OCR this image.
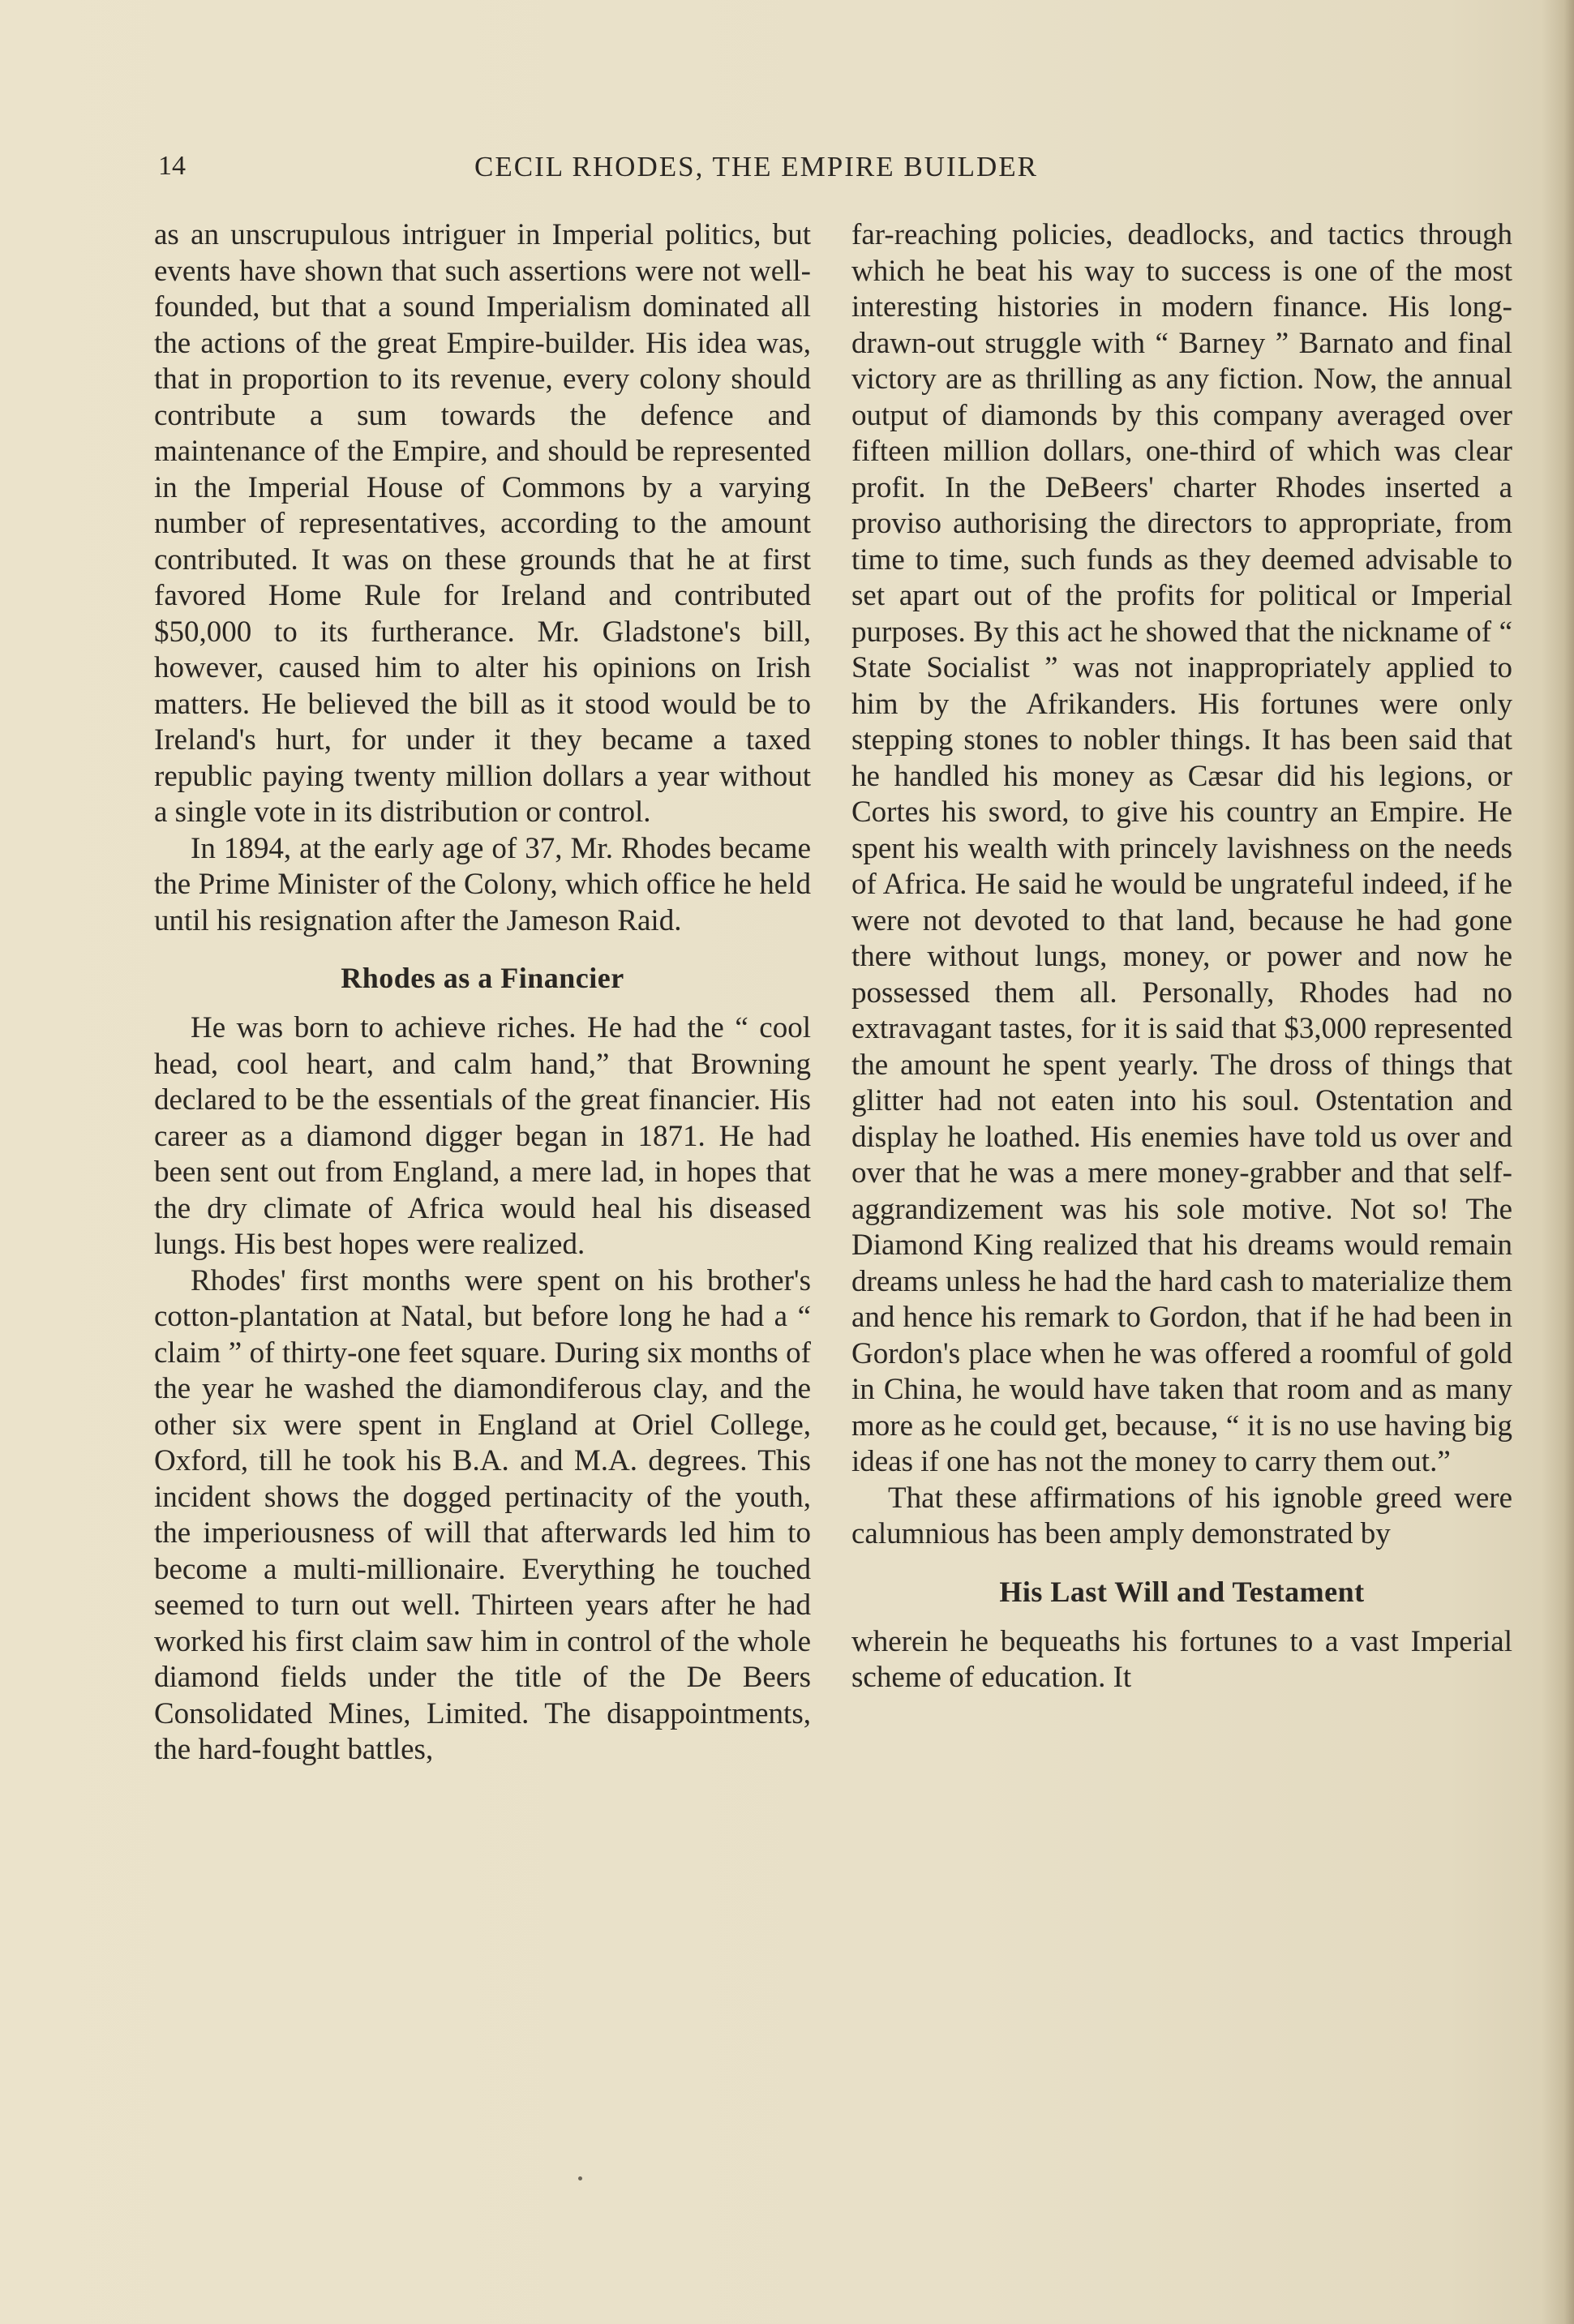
14	CECIL RHODES, THE EMPIRE BUILDER

as an unscrupulous intriguer in Imperial politics, but events have shown that such assertions were not well-founded, but that a sound Imperialism dominated all the actions of the great Empire-builder. His idea was, that in proportion to its revenue, every colony should contribute a sum towards the defence and maintenance of the Empire, and should be represented in the Imperial House of Commons by a varying number of representatives, according to the amount contributed. It was on these grounds that he at first favored Home Rule for Ireland and contributed $50,000 to its furtherance. Mr. Gladstone's bill, however, caused him to alter his opinions on Irish matters. He believed the bill as it stood would be to Ireland's hurt, for under it they became a taxed republic paying twenty million dollars a year without a single vote in its distribution or control.

In 1894, at the early age of 37, Mr. Rhodes became the Prime Minister of the Colony, which office he held until his resignation after the Jameson Raid.

Rhodes as a Financier

He was born to achieve riches. He had the “ cool head, cool heart, and calm hand,” that Browning declared to be the essentials of the great financier. His career as a diamond digger began in 1871. He had been sent out from England, a mere lad, in hopes that the dry climate of Africa would heal his diseased lungs. His best hopes were realized.

Rhodes' first months were spent on his brother's cotton-plantation at Natal, but before long he had a “ claim ” of thirty-one feet square. During six months of the year he washed the diamondiferous clay, and the other six were spent in England at Oriel College, Oxford, till he took his B.A. and M.A. degrees. This incident shows the dogged pertinacity of the youth, the imperiousness of will that afterwards led him to become a multi-millionaire. Everything he touched seemed to turn out well. Thirteen years after he had worked his first claim saw him in control of the whole diamond fields under the title of the De Beers Consolidated Mines, Limited. The disappointments, the hard-fought battles,

far-reaching policies, deadlocks, and tactics through which he beat his way to success is one of the most interesting histories in modern finance. His long-drawn-out struggle with “ Barney ” Barnato and final victory are as thrilling as any fiction. Now, the annual output of diamonds by this company averaged over fifteen million dollars, one-third of which was clear profit. In the DeBeers' charter Rhodes inserted a proviso authorising the directors to appropriate, from time to time, such funds as they deemed advisable to set apart out of the profits for political or Imperial purposes. By this act he showed that the nickname of “ State Socialist ” was not inappropriately applied to him by the Afrikanders. His fortunes were only stepping stones to nobler things. It has been said that he handled his money as Cæsar did his legions, or Cortes his sword, to give his country an Empire. He spent his wealth with princely lavishness on the needs of Africa. He said he would be ungrateful indeed, if he were not devoted to that land, because he had gone there without lungs, money, or power and now he possessed them all. Personally, Rhodes had no extravagant tastes, for it is said that $3,000 represented the amount he spent yearly. The dross of things that glitter had not eaten into his soul. Ostentation and display he loathed. His enemies have told us over and over that he was a mere money-grabber and that self-aggrandizement was his sole motive. Not so! The Diamond King realized that his dreams would remain dreams unless he had the hard cash to materialize them and hence his remark to Gordon, that if he had been in Gordon's place when he was offered a roomful of gold in China, he would have taken that room and as many more as he could get, because, “ it is no use having big ideas if one has not the money to carry them out.”

That these affirmations of his ignoble greed were calumnious has been amply demonstrated by

His Last Will and Testament

wherein he bequeaths his fortunes to a vast Imperial scheme of education. It
